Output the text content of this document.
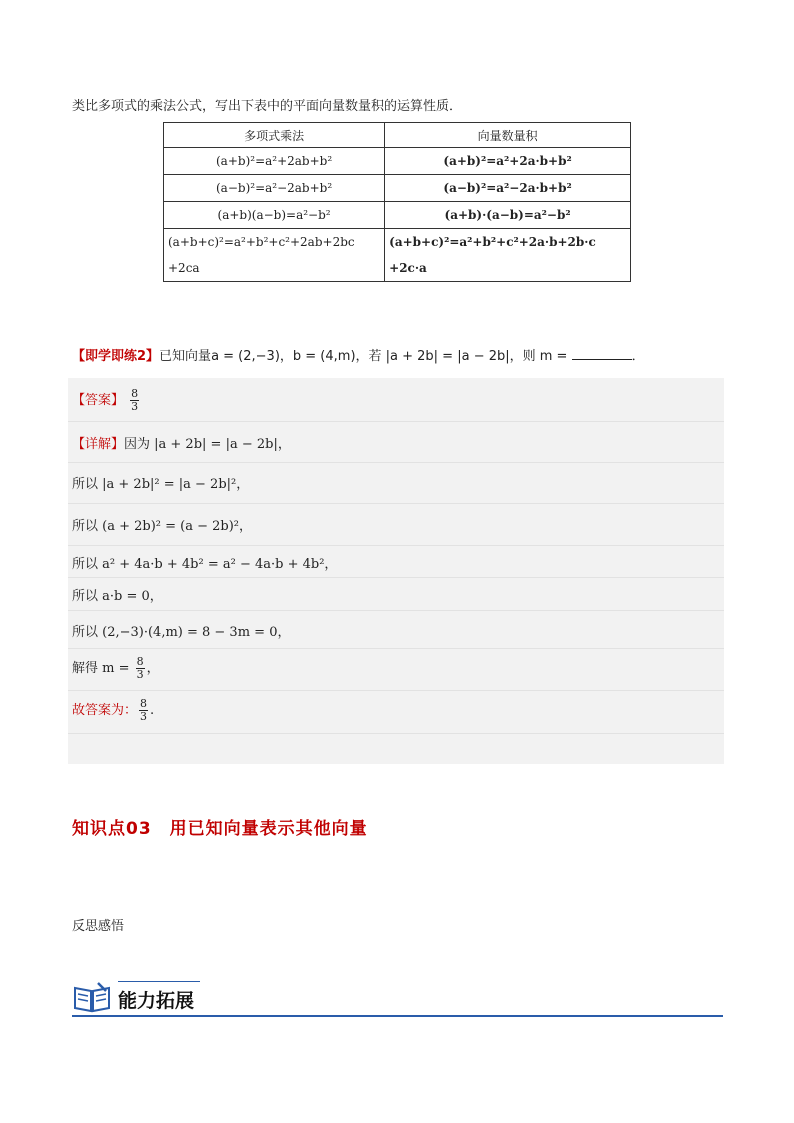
类比多项式的乘法公式，写出下表中的平面向量数量积的运算性质．
多项式乘法	向量数量积
(a+b)²=a²+2ab+b²	(a+b)²=a²+2a·b+b²
(a−b)²=a²−2ab+b²	(a−b)²=a²−2a·b+b²
(a+b)(a−b)=a²−b²	(a+b)·(a−b)=a²−b²
(a+b+c)²=a²+b²+c²+2ab+2bc +2ca	(a+b+c)²=a²+b²+c²+2a·b+2b·c +2c·a
【即学即练2】已知向量a = (2,−3)，b = (4,m)，若 |a + 2b| = |a − 2b|，则 m =	．
【答案】 $\frac{8}{3}$
【详解】因为 |a + 2b| = |a − 2b|，
所以 |a + 2b|² = |a − 2b|²，
所以 (a + 2b)² = (a − 2b)²，
所以 a² + 4a·b + 4b² = a² − 4a·b + 4b²，
所以 a·b = 0，
所以 (2,−3)·(4,m) = 8 − 3m = 0，
解得 $m = \frac{8}{3}$ ，
故答案为： $\frac{8}{3}$ .
知识点03　用已知向量表示其他向量
反思感悟
能力拓展
